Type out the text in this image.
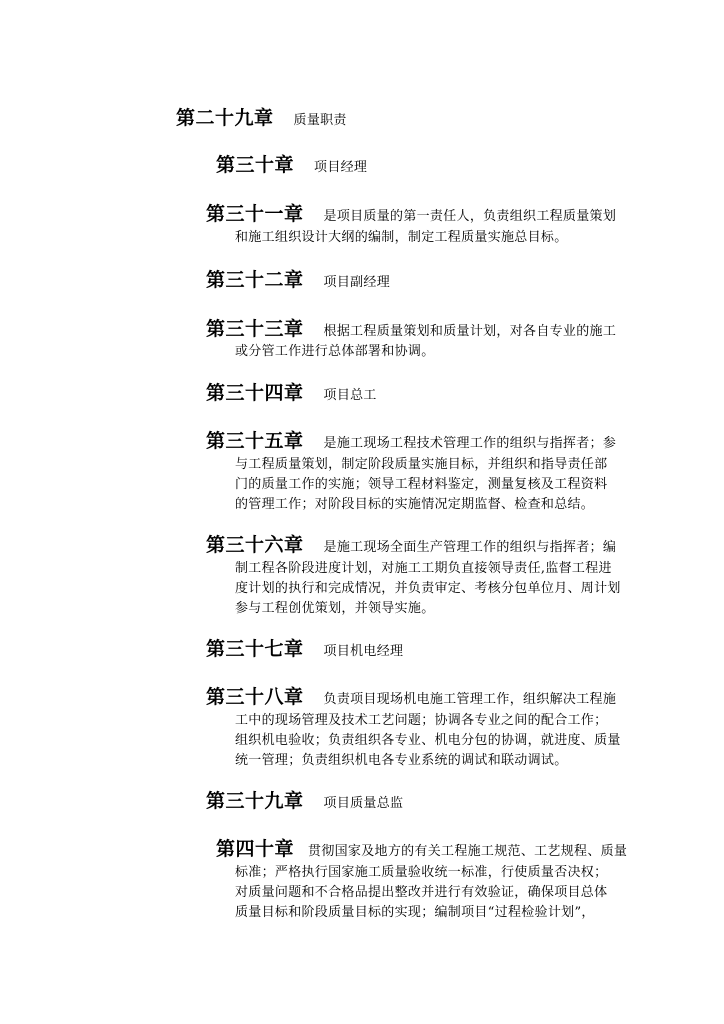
第二十九章 质量职责
第三十章 项目经理
第三十一章 是项目质量的第一责任人，负责组织工程质量策划
和施工组织设计大纲的编制，制定工程质量实施总目标。
第三十二章 项目副经理
第三十三章 根据工程质量策划和质量计划，对各自专业的施工
或分管工作进行总体部署和协调。
第三十四章 项目总工
第三十五章 是施工现场工程技术管理工作的组织与指挥者；参
与工程质量策划，制定阶段质量实施目标，并组织和指导责任部
门的质量工作的实施；领导工程材料鉴定，测量复核及工程资料
的管理工作；对阶段目标的实施情况定期监督、检查和总结。
第三十六章 是施工现场全面生产管理工作的组织与指挥者；编
制工程各阶段进度计划，对施工工期负直接领导责任,监督工程进
度计划的执行和完成情况，并负责审定、考核分包单位月、周计划
参与工程创优策划，并领导实施。
第三十七章 项目机电经理
第三十八章 负责项目现场机电施工管理工作，组织解决工程施
工中的现场管理及技术工艺问题；协调各专业之间的配合工作；
组织机电验收；负责组织各专业、机电分包的协调，就进度、质量
统一管理；负责组织机电各专业系统的调试和联动调试。
第三十九章 项目质量总监
第四十章 贯彻国家及地方的有关工程施工规范、工艺规程、质量
标准；严格执行国家施工质量验收统一标准，行使质量否决权；
对质量问题和不合格品提出整改并进行有效验证，确保项目总体
质量目标和阶段质量目标的实现；编制项目“过程检验计划”，
